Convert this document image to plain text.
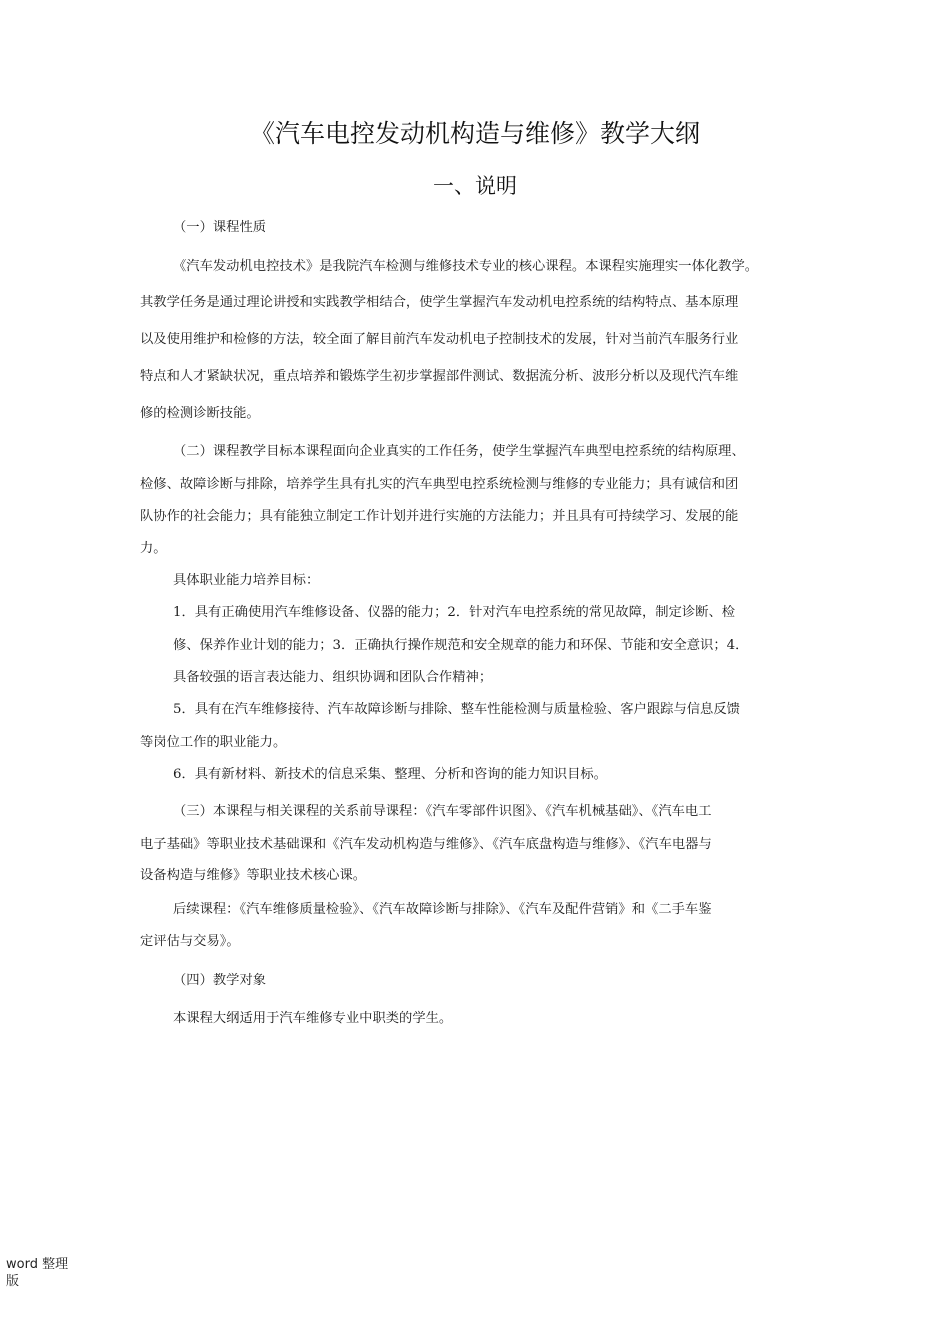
《汽车电控发动机构造与维修》教学大纲
一、说明
（一）课程性质
《汽车发动机电控技术》是我院汽车检测与维修技术专业的核心课程。本课程实施理实一体化教学。
其教学任务是通过理论讲授和实践教学相结合，使学生掌握汽车发动机电控系统的结构特点、基本原理
以及使用维护和检修的方法，较全面了解目前汽车发动机电子控制技术的发展，针对当前汽车服务行业
特点和人才紧缺状况，重点培养和锻炼学生初步掌握部件测试、数据流分析、波形分析以及现代汽车维
修的检测诊断技能。
（二）课程教学目标本课程面向企业真实的工作任务，使学生掌握汽车典型电控系统的结构原理、
检修、故障诊断与排除，培养学生具有扎实的汽车典型电控系统检测与维修的专业能力；具有诚信和团
队协作的社会能力；具有能独立制定工作计划并进行实施的方法能力；并且具有可持续学习、发展的能
力。
具体职业能力培养目标：
1．具有正确使用汽车维修设备、仪器的能力；2．针对汽车电控系统的常见故障，制定诊断、检
修、保养作业计划的能力；3．正确执行操作规范和安全规章的能力和环保、节能和安全意识；4．
具备较强的语言表达能力、组织协调和团队合作精神；
5．具有在汽车维修接待、汽车故障诊断与排除、整车性能检测与质量检验、客户跟踪与信息反馈
等岗位工作的职业能力。
6．具有新材料、新技术的信息采集、整理、分析和咨询的能力知识目标。
（三）本课程与相关课程的关系前导课程：《汽车零部件识图》、《汽车机械基础》、《汽车电工
电子基础》等职业技术基础课和《汽车发动机构造与维修》、《汽车底盘构造与维修》、《汽车电器与
设备构造与维修》等职业技术核心课。
后续课程：《汽车维修质量检验》、《汽车故障诊断与排除》、《汽车及配件营销》和《二手车鉴
定评估与交易》。
（四）教学对象
本课程大纲适用于汽车维修专业中职类的学生。
word 整理
版
